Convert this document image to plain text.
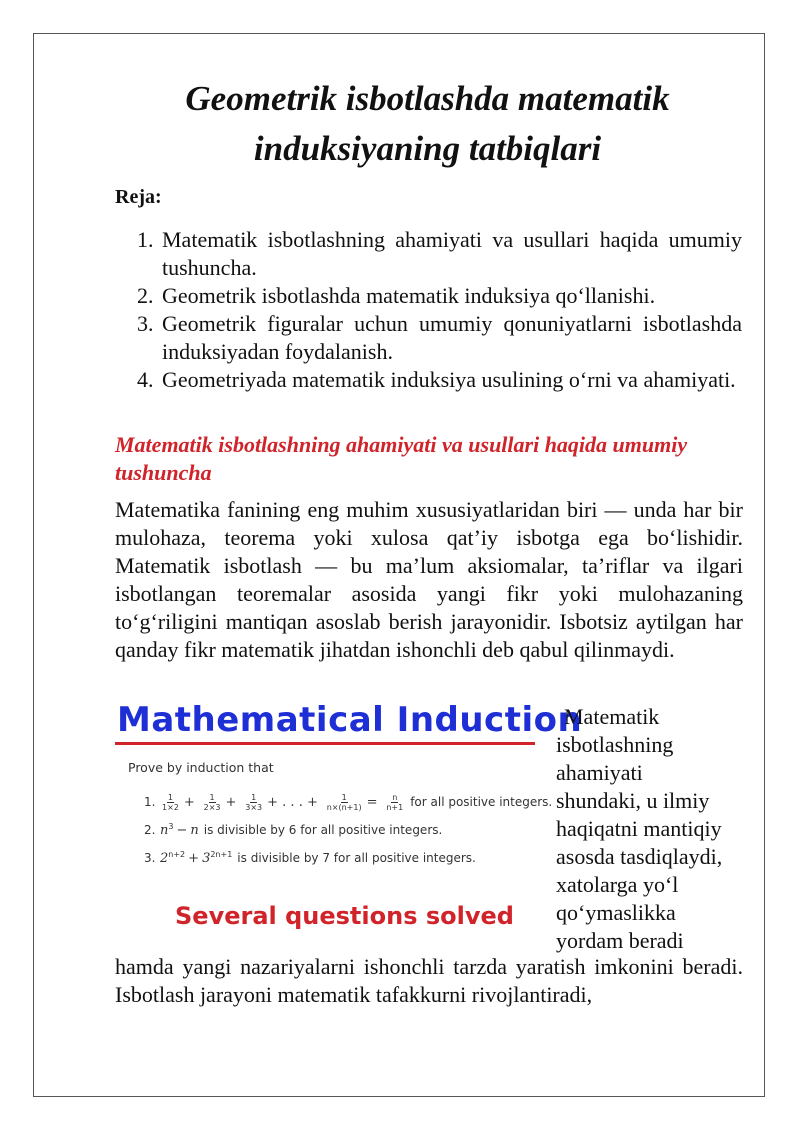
Geometrik isbotlashda matematik
induksiyaning tatbiqlari

Reja:

1. Matematik isbotlashning ahamiyati va usullari haqida umumiy tushuncha.
2. Geometrik isbotlashda matematik induksiya qo‘llanishi.
3. Geometrik figuralar uchun umumiy qonuniyatlarni isbotlashda induksiyadan foydalanish.
4. Geometriyada matematik induksiya usulining o‘rni va ahamiyati.
Matematik isbotlashning ahamiyati va usullari haqida umumiy tushuncha

Matematika fanining eng muhim xususiyatlaridan biri — unda har bir mulohaza, teorema yoki xulosa qat’iy isbotga ega bo‘lishidir. Matematik isbotlash — bu ma’lum aksiomalar, ta’riflar va ilgari isbotlangan teoremalar asosida yangi fikr yoki mulohazaning to‘g‘riligini mantiqan asoslab berish jarayonidir. Isbotsiz aytilgan har qanday fikr matematik jihatdan ishonchli deb qabul qilinmaydi.

Mathematical Induction
Prove by induction that
1. $\frac{1}{1\times 2} + \frac{1}{2\times 3} + \frac{1}{3\times 3}$ + . . . + $\frac{1}{n\times(n+1)} = \frac{n}{n+1}$ for all positive integers.
2. $n^3 - n$ is divisible by 6 for all positive integers.
3. $2^{n+2} + 3^{2n+1}$ is divisible by 7 for all positive integers.
Several questions solved

Matematik
isbotlashning
ahamiyati
shundaki, u ilmiy
haqiqatni mantiqiy
asosda tasdiqlaydi,
xatolarga yo‘l
qo‘ymaslikka
yordam beradi

hamda yangi nazariyalarni ishonchli tarzda yaratish imkonini beradi. Isbotlash jarayoni matematik tafakkurni rivojlantiradi,
